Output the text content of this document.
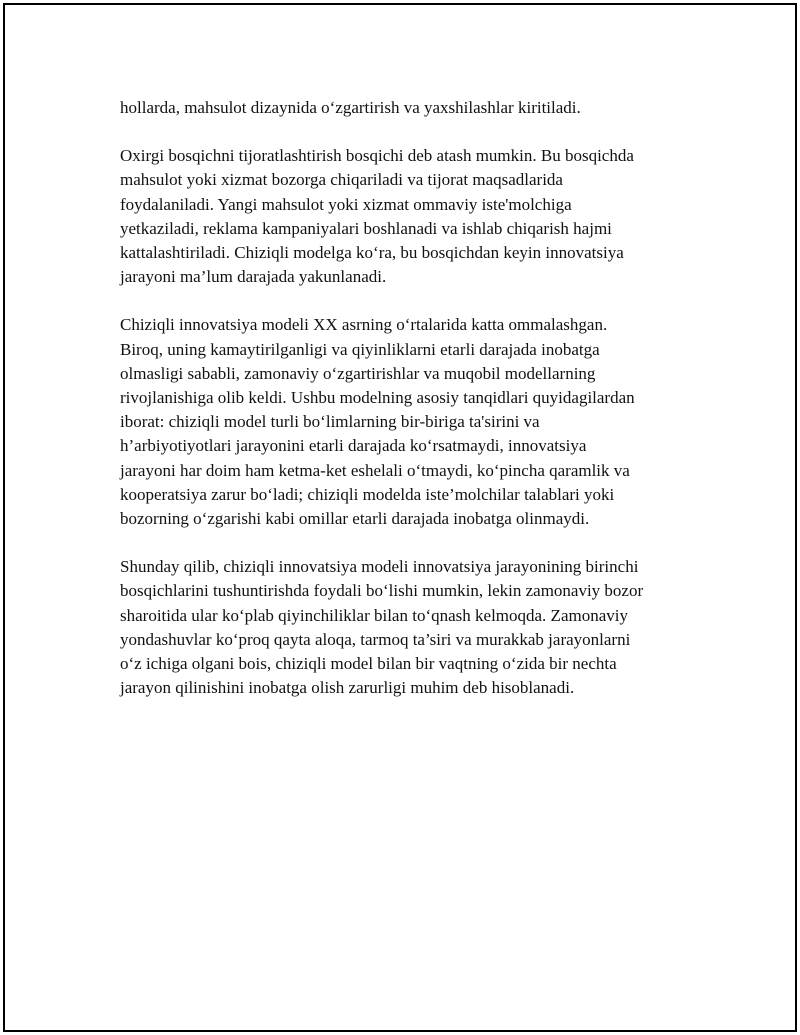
hollarda, mahsulot dizaynida o‘zgartirish va yaxshilashlar kiritiladi.

Oxirgi bosqichni tijoratlashtirish bosqichi deb atash mumkin. Bu bosqichda
mahsulot yoki xizmat bozorga chiqariladi va tijorat maqsadlarida
foydalaniladi. Yangi mahsulot yoki xizmat ommaviy iste'molchiga
yetkaziladi, reklama kampaniyalari boshlanadi va ishlab chiqarish hajmi
kattalashtiriladi. Chiziqli modelga ko‘ra, bu bosqichdan keyin innovatsiya
jarayoni ma’lum darajada yakunlanadi.

Chiziqli innovatsiya modeli XX asrning o‘rtalarida katta ommalashgan.
Biroq, uning kamaytirilganligi va qiyinliklarni etarli darajada inobatga
olmasligi sababli, zamonaviy o‘zgartirishlar va muqobil modellarning
rivojlanishiga olib keldi. Ushbu modelning asosiy tanqidlari quyidagilardan
iborat: chiziqli model turli bo‘limlarning bir-biriga ta'sirini va
h’arbiyotiyotlari jarayonini etarli darajada ko‘rsatmaydi, innovatsiya
jarayoni har doim ham ketma-ket eshelali o‘tmaydi, ko‘pincha qaramlik va
kooperatsiya zarur bo‘ladi; chiziqli modelda iste’molchilar talablari yoki
bozorning o‘zgarishi kabi omillar etarli darajada inobatga olinmaydi.

Shunday qilib, chiziqli innovatsiya modeli innovatsiya jarayonining birinchi
bosqichlarini tushuntirishda foydali bo‘lishi mumkin, lekin zamonaviy bozor
sharoitida ular ko‘plab qiyinchiliklar bilan to‘qnash kelmoqda. Zamonaviy
yondashuvlar ko‘proq qayta aloqa, tarmoq ta’siri va murakkab jarayonlarni
o‘z ichiga olgani bois, chiziqli model bilan bir vaqtning o‘zida bir nechta
jarayon qilinishini inobatga olish zarurligi muhim deb hisoblanadi.
